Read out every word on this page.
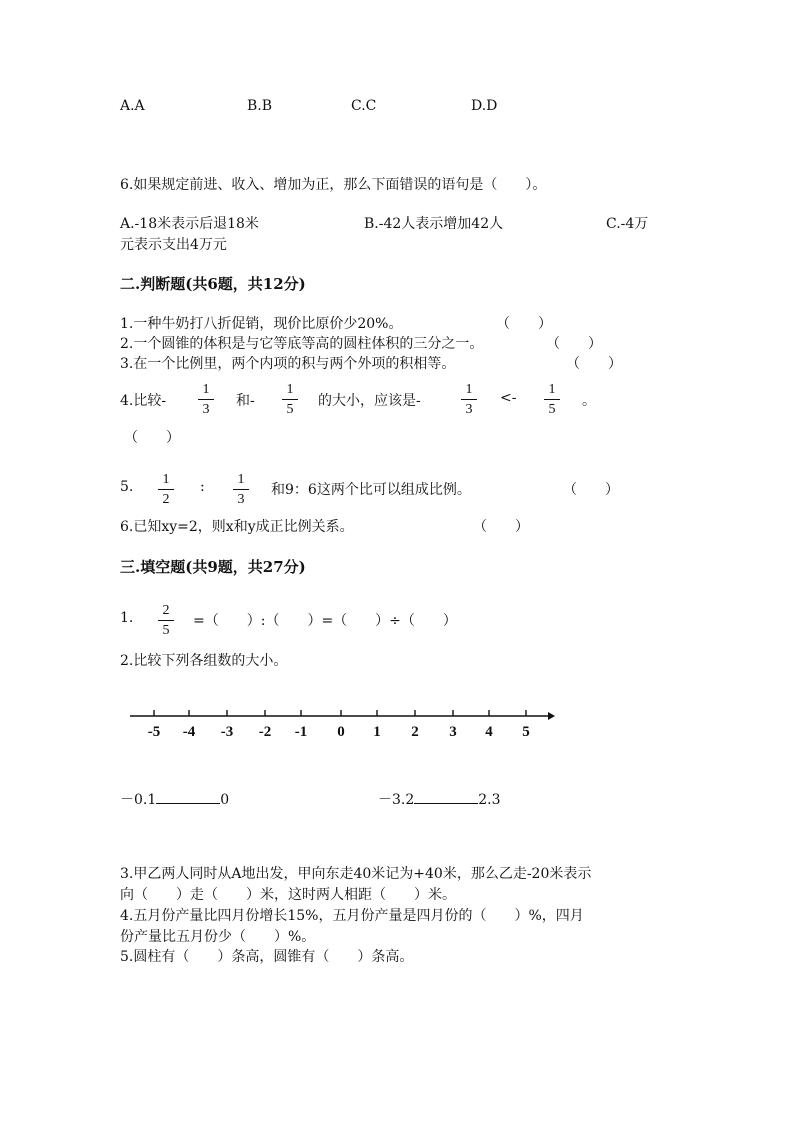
A.A	B.B	C.C	D.D
6.如果规定前进、收入、增加为正，那么下面错误的语句是（　　）。
A.-18米表示后退18米	B.-42人表示增加42人	C.-4万
元表示支出4万元
二.判断题(共6题，共12分)
1.一种牛奶打八折促销，现价比原价少20%。	（　　）
2.一个圆锥的体积是与它等底等高的圆柱体积的三分之一。	（　　）
3.在一个比例里，两个内项的积与两个外项的积相等。	（　　）
4.比较- $\frac{1}{3}$ 和- $\frac{1}{5}$ 的大小，应该是-	$\frac{1}{3} <- \frac{1}{5}$ 。
（　　）
5. $\frac{1}{2}$ : $\frac{1}{3}$ 和9：6这两个比可以组成比例。	（　　）
6.已知xy=2，则x和y成正比例关系。	（　　）
三.填空题(共9题，共27分)
1. $\frac{2}{5}$ =（　　）:（　　）=（　　）÷（　　）
2.比较下列各组数的大小。
-5 -4 -3 -2 -1 0 1 2 3 4 5
－0.1	0	－3.2	2.3
3.甲乙两人同时从A地出发，甲向东走40米记为+40米，那么乙走-20米表示
向（　　）走（　　）米，这时两人相距（　　）米。
4.五月份产量比四月份增长15%，五月份产量是四月份的（　　）%，四月
份产量比五月份少（　　）%。
5.圆柱有（　　）条高，圆锥有（　　）条高。
